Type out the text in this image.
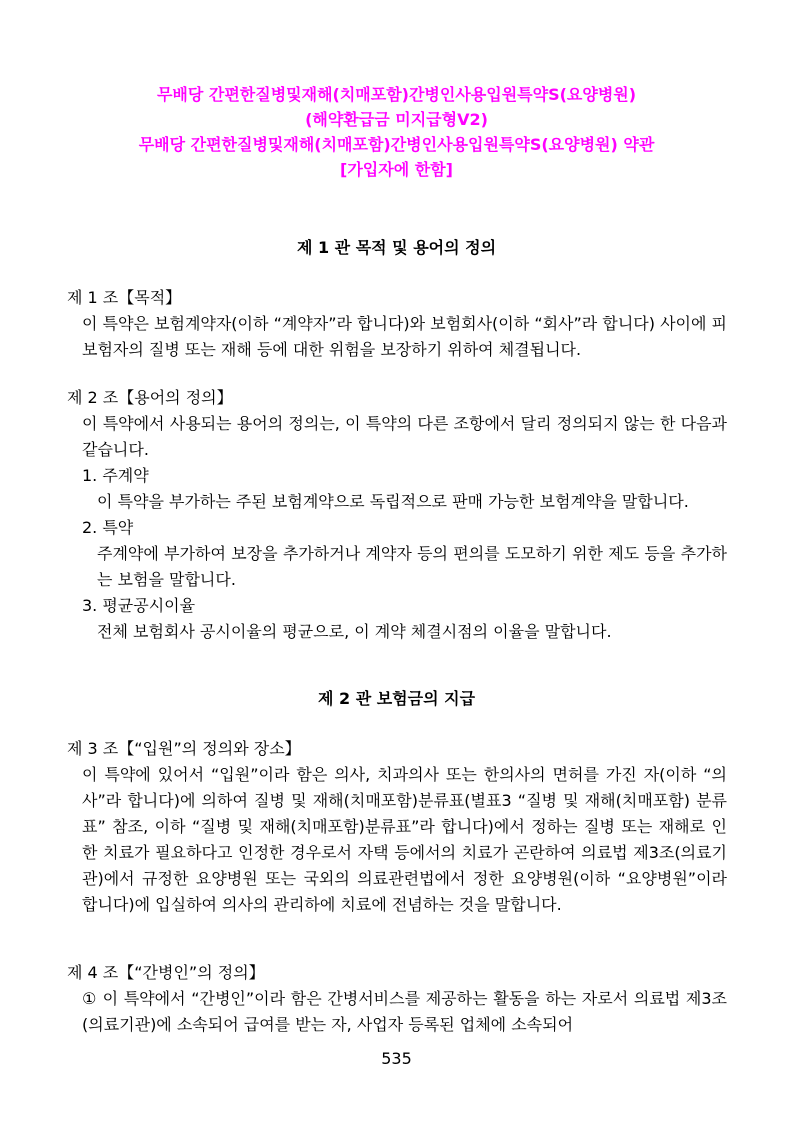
무배당 간편한질병및재해(치매포함)간병인사용입원특약S(요양병원)
(해약환급금 미지급형V2)
무배당 간편한질병및재해(치매포함)간병인사용입원특약S(요양병원) 약관
[가입자에 한함]
제 1 관 목적 및 용어의 정의
제 1 조【목적】
이 특약은 보험계약자(이하 “계약자”라 합니다)와 보험회사(이하 “회사”라 합니다) 사이에 피보험자의 질병 또는 재해 등에 대한 위험을 보장하기 위하여 체결됩니다.
제 2 조【용어의 정의】
이 특약에서 사용되는 용어의 정의는, 이 특약의 다른 조항에서 달리 정의되지 않는 한 다음과 같습니다.
1. 주계약
이 특약을 부가하는 주된 보험계약으로 독립적으로 판매 가능한 보험계약을 말합니다.
2. 특약
주계약에 부가하여 보장을 추가하거나 계약자 등의 편의를 도모하기 위한 제도 등을 추가하는 보험을 말합니다.
3. 평균공시이율
전체 보험회사 공시이율의 평균으로, 이 계약 체결시점의 이율을 말합니다.
제 2 관 보험금의 지급
제 3 조【“입원”의 정의와 장소】
이 특약에 있어서 “입원”이라 함은 의사, 치과의사 또는 한의사의 면허를 가진 자(이하 “의사”라 합니다)에 의하여 질병 및 재해(치매포함)분류표(별표3 “질병 및 재해(치매포함) 분류표” 참조, 이하 “질병 및 재해(치매포함)분류표”라 합니다)에서 정하는 질병 또는 재해로 인한 치료가 필요하다고 인정한 경우로서 자택 등에서의 치료가 곤란하여 의료법 제3조(의료기관)에서 규정한 요양병원 또는 국외의 의료관련법에서 정한 요양병원(이하 “요양병원”이라 합니다)에 입실하여 의사의 관리하에 치료에 전념하는 것을 말합니다.
제 4 조【“간병인”의 정의】
① 이 특약에서 “간병인”이라 함은 간병서비스를 제공하는 활동을 하는 자로서 의료법 제3조(의료기관)에 소속되어 급여를 받는 자, 사업자 등록된 업체에 소속되어
535
